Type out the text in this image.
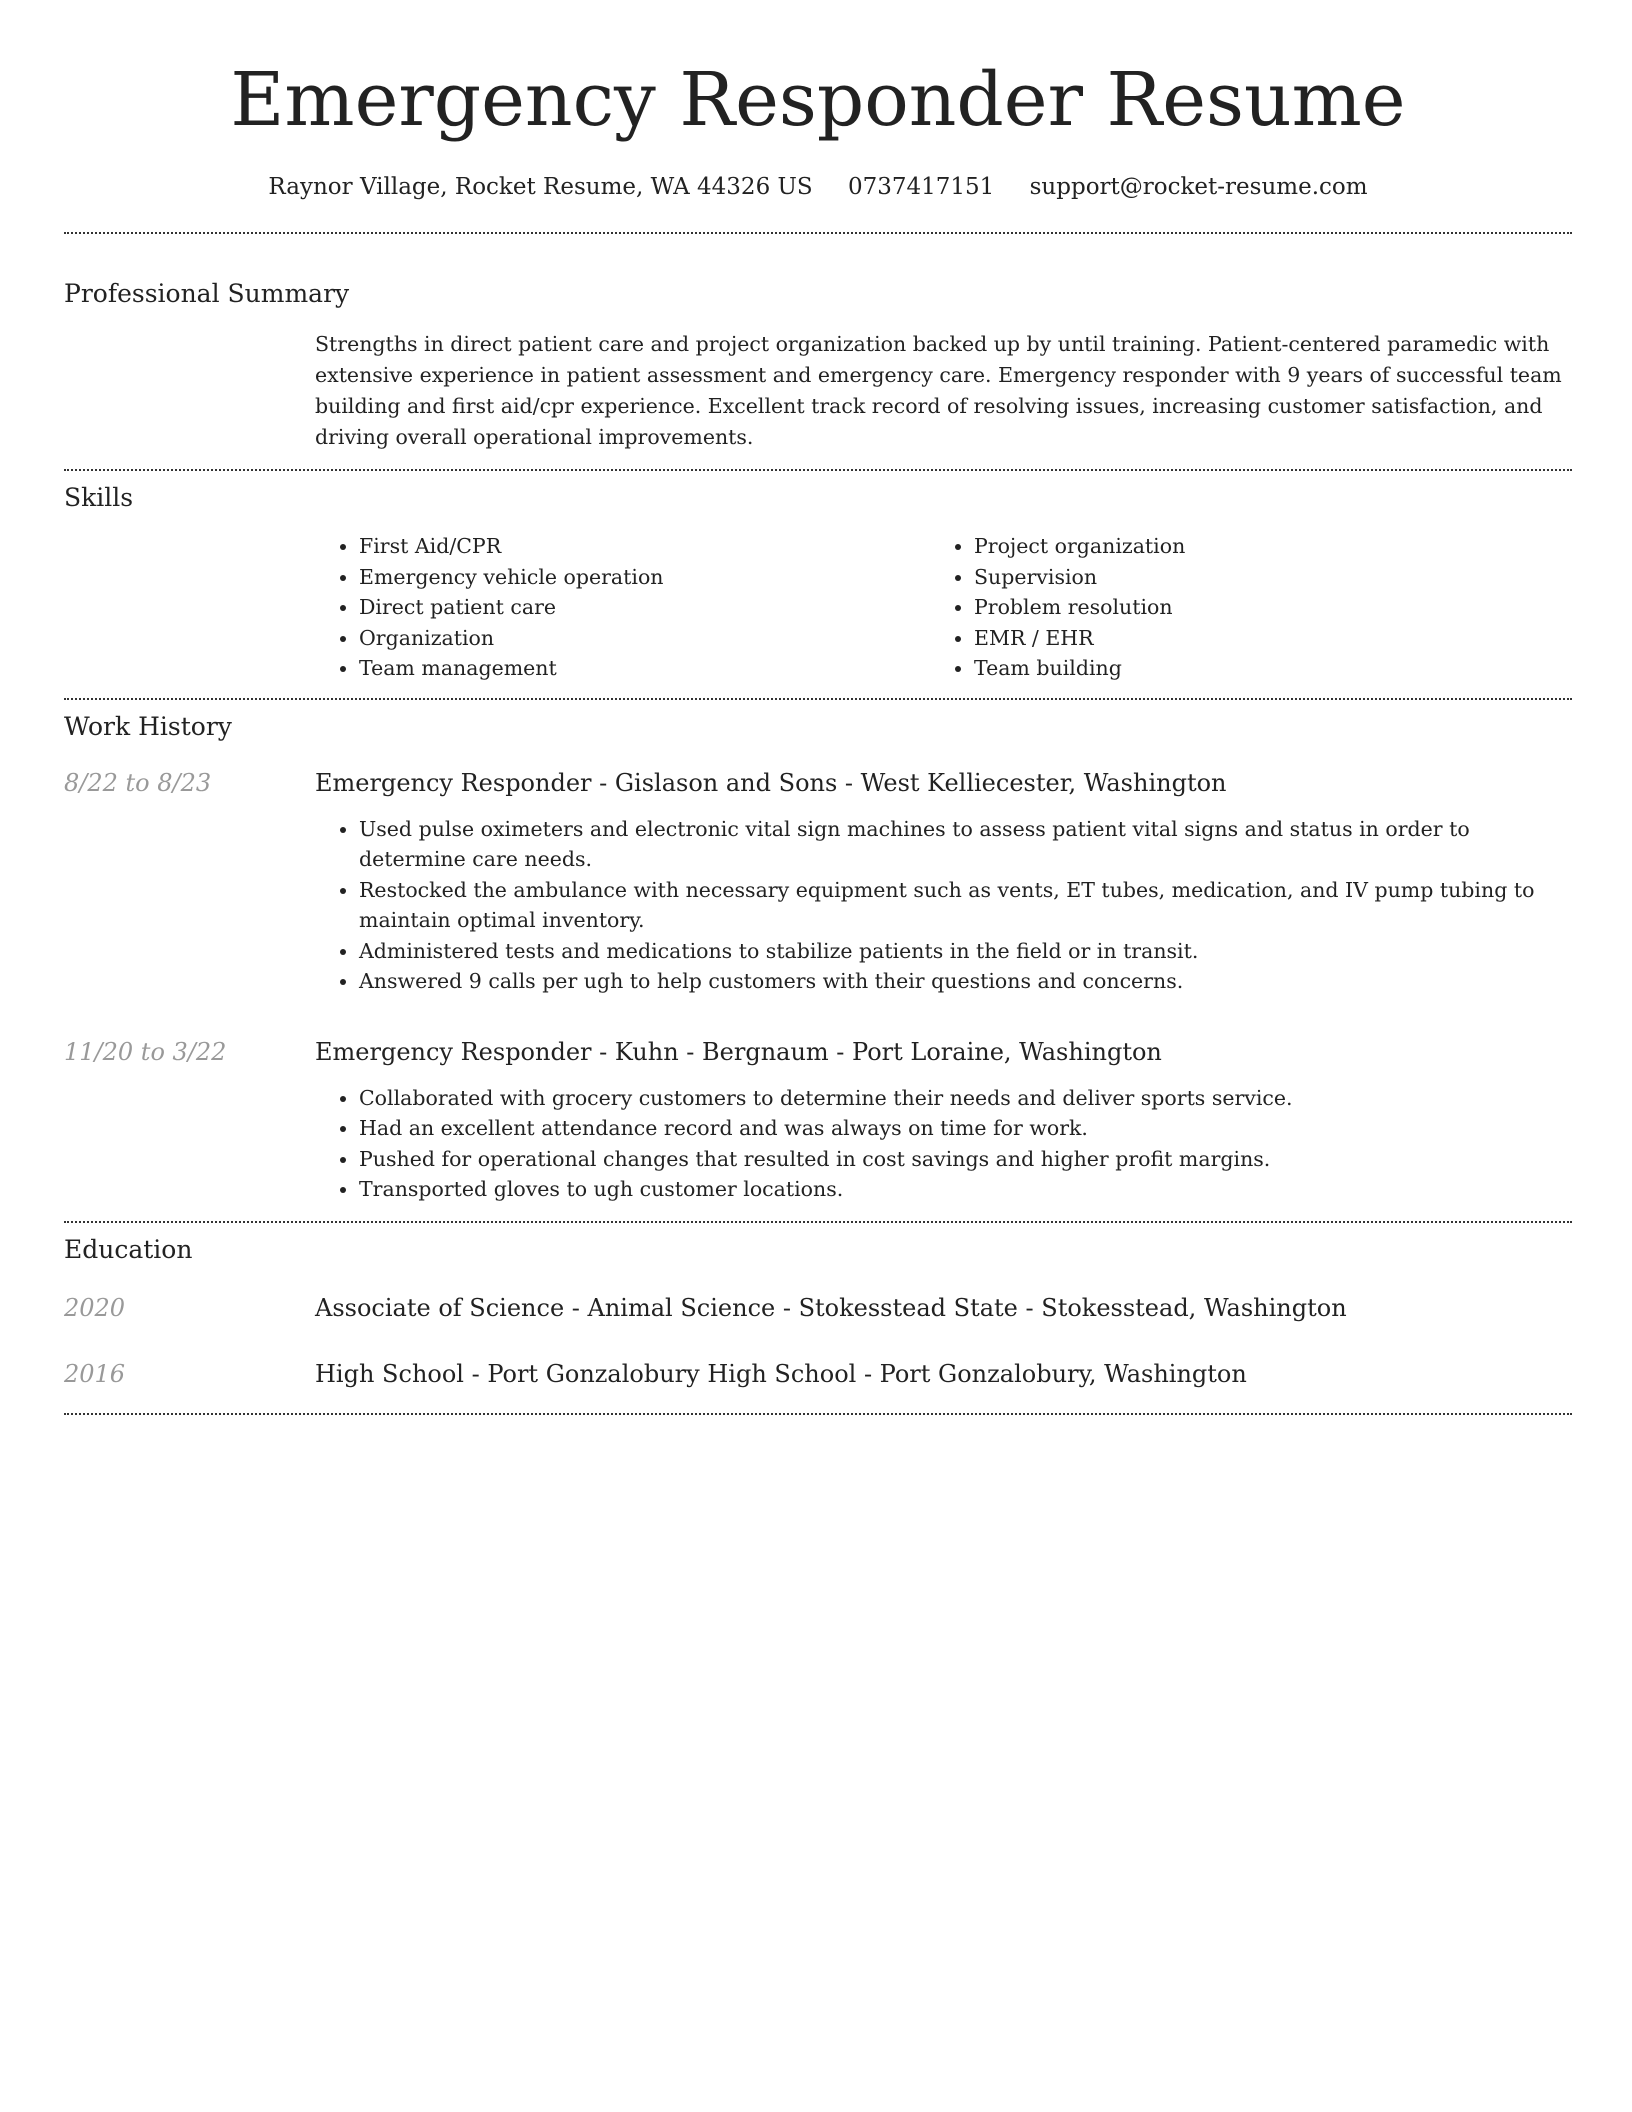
Emergency Responder Resume
Raynor Village, Rocket Resume, WA 44326 US 0737417151 support@rocket-resume.com
Professional Summary
Strengths in direct patient care and project organization backed up by until training. Patient-centered paramedic with extensive experience in patient assessment and emergency care. Emergency responder with 9 years of successful team building and first aid/cpr experience. Excellent track record of resolving issues, increasing customer satisfaction, and driving overall operational improvements.
Skills
• First Aid/CPR
• Emergency vehicle operation
• Direct patient care
• Organization
• Team management
• Project organization
• Supervision
• Problem resolution
• EMR / EHR
• Team building
Work History
8/22 to 8/23	Emergency Responder - Gislason and Sons - West Kelliecester, Washington
• Used pulse oximeters and electronic vital sign machines to assess patient vital signs and status in order to determine care needs.
• Restocked the ambulance with necessary equipment such as vents, ET tubes, medication, and IV pump tubing to maintain optimal inventory.
• Administered tests and medications to stabilize patients in the field or in transit.
• Answered 9 calls per ugh to help customers with their questions and concerns.
11/20 to 3/22	Emergency Responder - Kuhn - Bergnaum - Port Loraine, Washington
• Collaborated with grocery customers to determine their needs and deliver sports service.
• Had an excellent attendance record and was always on time for work.
• Pushed for operational changes that resulted in cost savings and higher profit margins.
• Transported gloves to ugh customer locations.
Education
2020	Associate of Science - Animal Science - Stokesstead State - Stokesstead, Washington
2016	High School - Port Gonzalobury High School - Port Gonzalobury, Washington
